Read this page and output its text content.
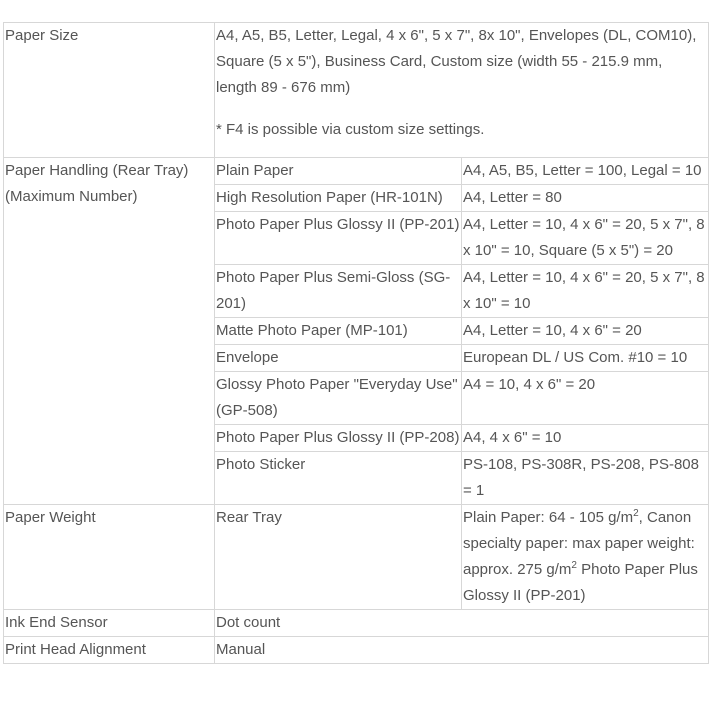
Paper Size	A4, A5, B5, Letter, Legal, 4 x 6", 5 x 7", 8x 10", Envelopes (DL, COM10), Square (5 x 5"), Business Card, Custom size (width 55 - 215.9 mm, length 89 - 676 mm)
* F4 is possible via custom size settings.	

Paper Handling (Rear Tray) (Maximum Number)	Plain Paper	A4, A5, B5, Letter = 100, Legal = 10
	High Resolution Paper (HR-101N)	A4, Letter = 80
	Photo Paper Plus Glossy II (PP-201)	A4, Letter = 10, 4 x 6" = 20, 5 x 7", 8 x 10" = 10, Square (5 x 5") = 20
	Photo Paper Plus Semi-Gloss (SG-201)	A4, Letter = 10, 4 x 6" = 20, 5 x 7", 8 x 10" = 10
	Matte Photo Paper (MP-101)	A4, Letter = 10, 4 x 6" = 20
	Envelope	European DL / US Com. #10 = 10
	Glossy Photo Paper "Everyday Use" (GP-508)	A4 = 10, 4 x 6" = 20
	Photo Paper Plus Glossy II (PP-208)	A4, 4 x 6" = 10
	Photo Sticker	PS-108, PS-308R, PS-208, PS-808 = 1
Paper Weight	Rear Tray	Plain Paper: 64 - 105 $g/m^2$, Canon specialty paper: max paper weight: approx. 275 $g/m^2$ Photo Paper Plus Glossy II (PP-201)
Ink End Sensor	Dot count	
Print Head Alignment	Manual	
